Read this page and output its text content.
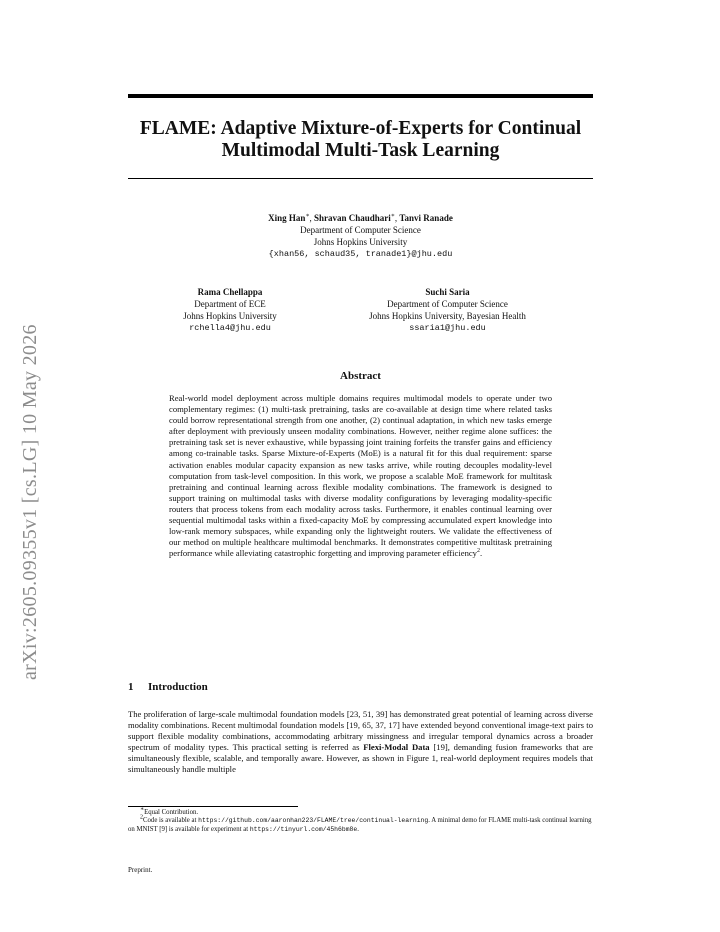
arXiv:2605.09355v1 [cs.LG] 10 May 2026
FLAME: Adaptive Mixture-of-Experts for Continual
Multimodal Multi-Task Learning
Xing Han∗, Shravan Chaudhari∗, Tanvi Ranade
Department of Computer Science
Johns Hopkins University
{xhan56, schaud35, tranade1}@jhu.edu
Rama Chellappa
Department of ECE
Johns Hopkins University
rchella4@jhu.edu
Suchi Saria
Department of Computer Science
Johns Hopkins University, Bayesian Health
ssaria1@jhu.edu
Abstract
Real-world model deployment across multiple domains requires multimodal models to operate under two complementary regimes: (1) multi-task pretraining, tasks are co-available at design time where related tasks could borrow representational strength from one another, (2) continual adaptation, in which new tasks emerge after deployment with previously unseen modality combinations. However, neither regime alone suffices: the pretraining task set is never exhaustive, while bypassing joint training forfeits the transfer gains and efficiency among co-trainable tasks. Sparse Mixture-of-Experts (MoE) is a natural fit for this dual requirement: sparse activation enables modular capacity expansion as new tasks arrive, while routing decouples modality-level computation from task-level composition. In this work, we propose a scalable MoE framework for multitask pretraining and continual learning across flexible modality combinations. The framework is designed to support training on multimodal tasks with diverse modality configurations by leveraging modality-specific routers that process tokens from each modality across tasks. Furthermore, it enables continual learning over sequential multimodal tasks within a fixed-capacity MoE by compressing accumulated expert knowledge into low-rank memory subspaces, while expanding only the lightweight routers. We validate the effectiveness of our method on multiple healthcare multimodal benchmarks. It demonstrates competitive multitask pretraining performance while alleviating catastrophic forgetting and improving parameter efficiency$^2$.
1 Introduction
The proliferation of large-scale multimodal foundation models [23, 51, 39] has demonstrated great potential of learning across diverse modality combinations. Recent multimodal foundation models [19, 65, 37, 17] have extended beyond conventional image-text pairs to support flexible modality combinations, accommodating arbitrary missingness and irregular temporal dynamics across a broader spectrum of modality types. This practical setting is referred as Flexi-Modal Data [19], demanding fusion frameworks that are simultaneously flexible, scalable, and temporally aware. However, as shown in Figure 1, real-world deployment requires models that simultaneously handle multiple

∗Equal Contribution.

$^2$Code is available at https://github.com/aaronhan223/FLAME/tree/continual-learning. A minimal demo for FLAME multi-task continual learning on MNIST [9] is available for experiment at https://tinyurl.com/45h6bm8e.

Preprint.
